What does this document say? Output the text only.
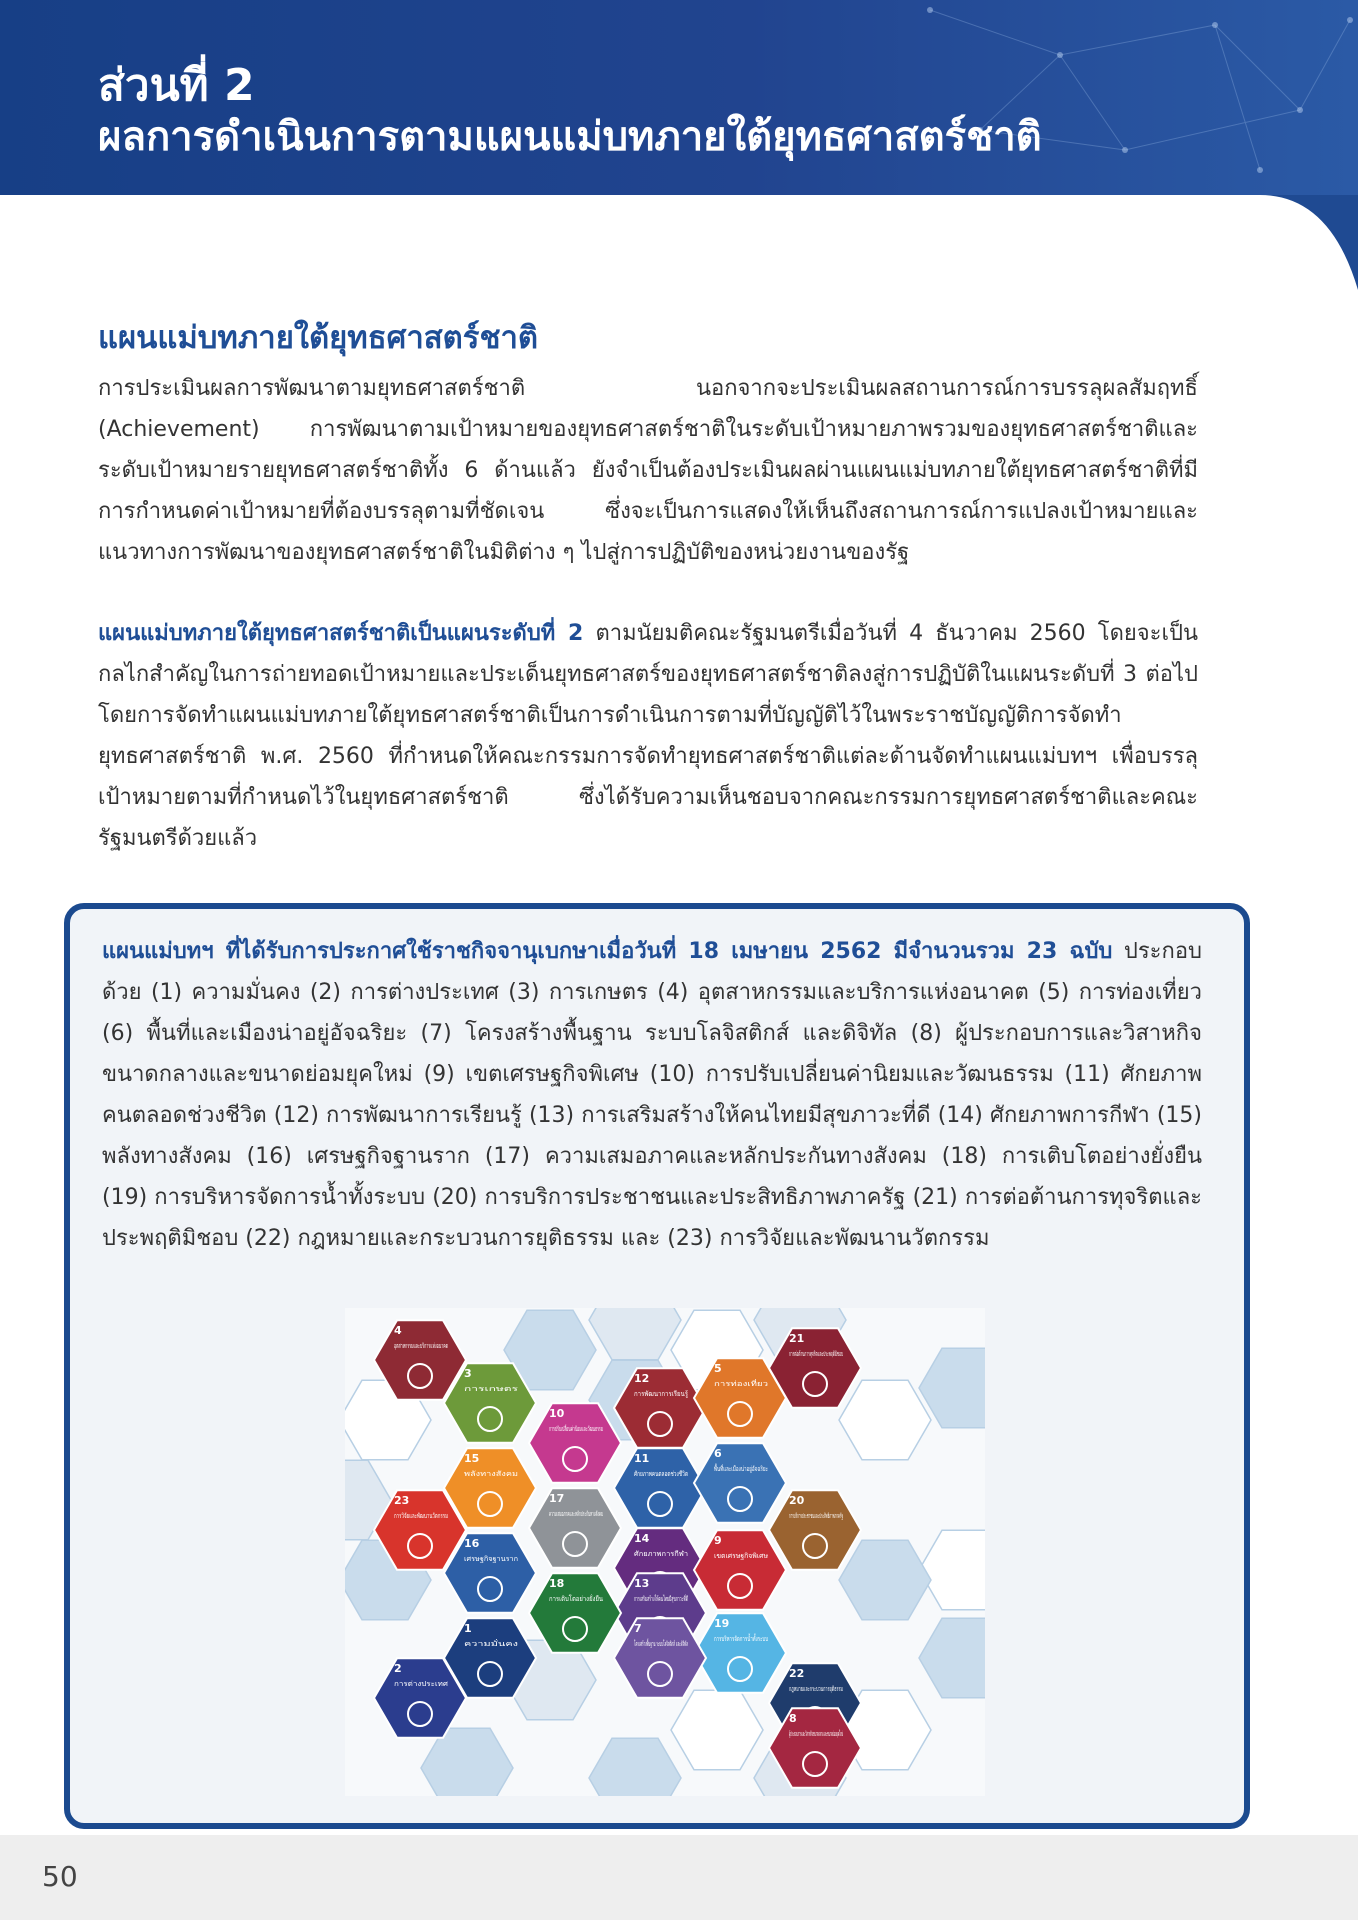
ส่วนที่ 2
ผลการดำเนินการตามแผนแม่บทภายใต้ยุทธศาสตร์ชาติ
แผนแม่บทภายใต้ยุทธศาสตร์ชาติ
การประเมินผลการพัฒนาตามยุทธศาสตร์ชาติ นอกจากจะประเมินผลสถานการณ์การบรรลุผลสัมฤทธิ์ (Achievement) การพัฒนาตามเป้าหมายของยุทธศาสตร์ชาติในระดับเป้าหมายภาพรวมของยุทธศาสตร์ชาติและระดับเป้าหมายรายยุทธศาสตร์ชาติทั้ง 6 ด้านแล้ว ยังจำเป็นต้องประเมินผลผ่านแผนแม่บทภายใต้ยุทธศาสตร์ชาติที่มีการกำหนดค่าเป้าหมายที่ต้องบรรลุตามที่ชัดเจน ซึ่งจะเป็นการแสดงให้เห็นถึงสถานการณ์การแปลงเป้าหมายและแนวทางการพัฒนาของยุทธศาสตร์ชาติในมิติต่าง ๆ ไปสู่การปฏิบัติของหน่วยงานของรัฐ
แผนแม่บทภายใต้ยุทธศาสตร์ชาติเป็นแผนระดับที่ 2 ตามนัยมติคณะรัฐมนตรีเมื่อวันที่ 4 ธันวาคม 2560 โดยจะเป็นกลไกสำคัญในการถ่ายทอดเป้าหมายและประเด็นยุทธศาสตร์ของยุทธศาสตร์ชาติลงสู่การปฏิบัติในแผนระดับที่ 3 ต่อไป โดยการจัดทำแผนแม่บทภายใต้ยุทธศาสตร์ชาติเป็นการดำเนินการตามที่บัญญัติไว้ในพระราชบัญญัติการจัดทำยุทธศาสตร์ชาติ พ.ศ. 2560 ที่กำหนดให้คณะกรรมการจัดทำยุทธศาสตร์ชาติแต่ละด้านจัดทำแผนแม่บทฯ เพื่อบรรลุเป้าหมายตามที่กำหนดไว้ในยุทธศาสตร์ชาติ ซึ่งได้รับความเห็นชอบจากคณะกรรมการยุทธศาสตร์ชาติและคณะรัฐมนตรีด้วยแล้ว
แผนแม่บทฯ ที่ได้รับการประกาศใช้ราชกิจจานุเบกษาเมื่อวันที่ 18 เมษายน 2562 มีจำนวนรวม 23 ฉบับ ประกอบด้วย (1) ความมั่นคง (2) การต่างประเทศ (3) การเกษตร (4) อุตสาหกรรมและบริการแห่งอนาคต (5) การท่องเที่ยว (6) พื้นที่และเมืองน่าอยู่อัจฉริยะ (7) โครงสร้างพื้นฐาน ระบบโลจิสติกส์ และดิจิทัล (8) ผู้ประกอบการและวิสาหกิจขนาดกลางและขนาดย่อมยุคใหม่ (9) เขตเศรษฐกิจพิเศษ (10) การปรับเปลี่ยนค่านิยมและวัฒนธรรม (11) ศักยภาพคนตลอดช่วงชีวิต (12) การพัฒนาการเรียนรู้ (13) การเสริมสร้างให้คนไทยมีสุขภาวะที่ดี (14) ศักยภาพการกีฬา (15) พลังทางสังคม (16) เศรษฐกิจฐานราก (17) ความเสมอภาคและหลักประกันทางสังคม (18) การเติบโตอย่างยั่งยืน (19) การบริหารจัดการน้ำทั้งระบบ (20) การบริการประชาชนและประสิทธิภาพภาครัฐ (21) การต่อต้านการทุจริตและประพฤติมิชอบ (22) กฎหมายและกระบวนการยุติธรรม และ (23) การวิจัยและพัฒนานวัตกรรม
4
อุตสาหกรรมและบริการแห่งอนาคต
3
การเกษตร
10
12
การพัฒนาการเรียนรู้
5
การท่องเที่ยว
21
การต่อต้านการทุจริตและประพฤติมิชอบ
15
พลังทางสังคม
11
ศักยภาพคนตลอดช่วงชีวิต
6
พื้นที่และเมืองน่าอยู่อัจฉริยะ
23
การวิจัยและพัฒนานวัตกรรม
17
ความเสมอภาคและหลักประกันทางสังคม
14
ศักยภาพการกีฬา
20
การบริการประชาชนและประสิทธิภาพภาครัฐ
16
เศรษฐกิจฐานราก
13
9
เขตเศรษฐกิจพิเศษ
18
การเติบโตอย่างยั่งยืน
19
การบริหารจัดการน้ำทั้งระบบ
1
ความมั่นคง
7
22
กฎหมายและกระบวนการยุติธรรม
2
การต่างประเทศ
8
50
